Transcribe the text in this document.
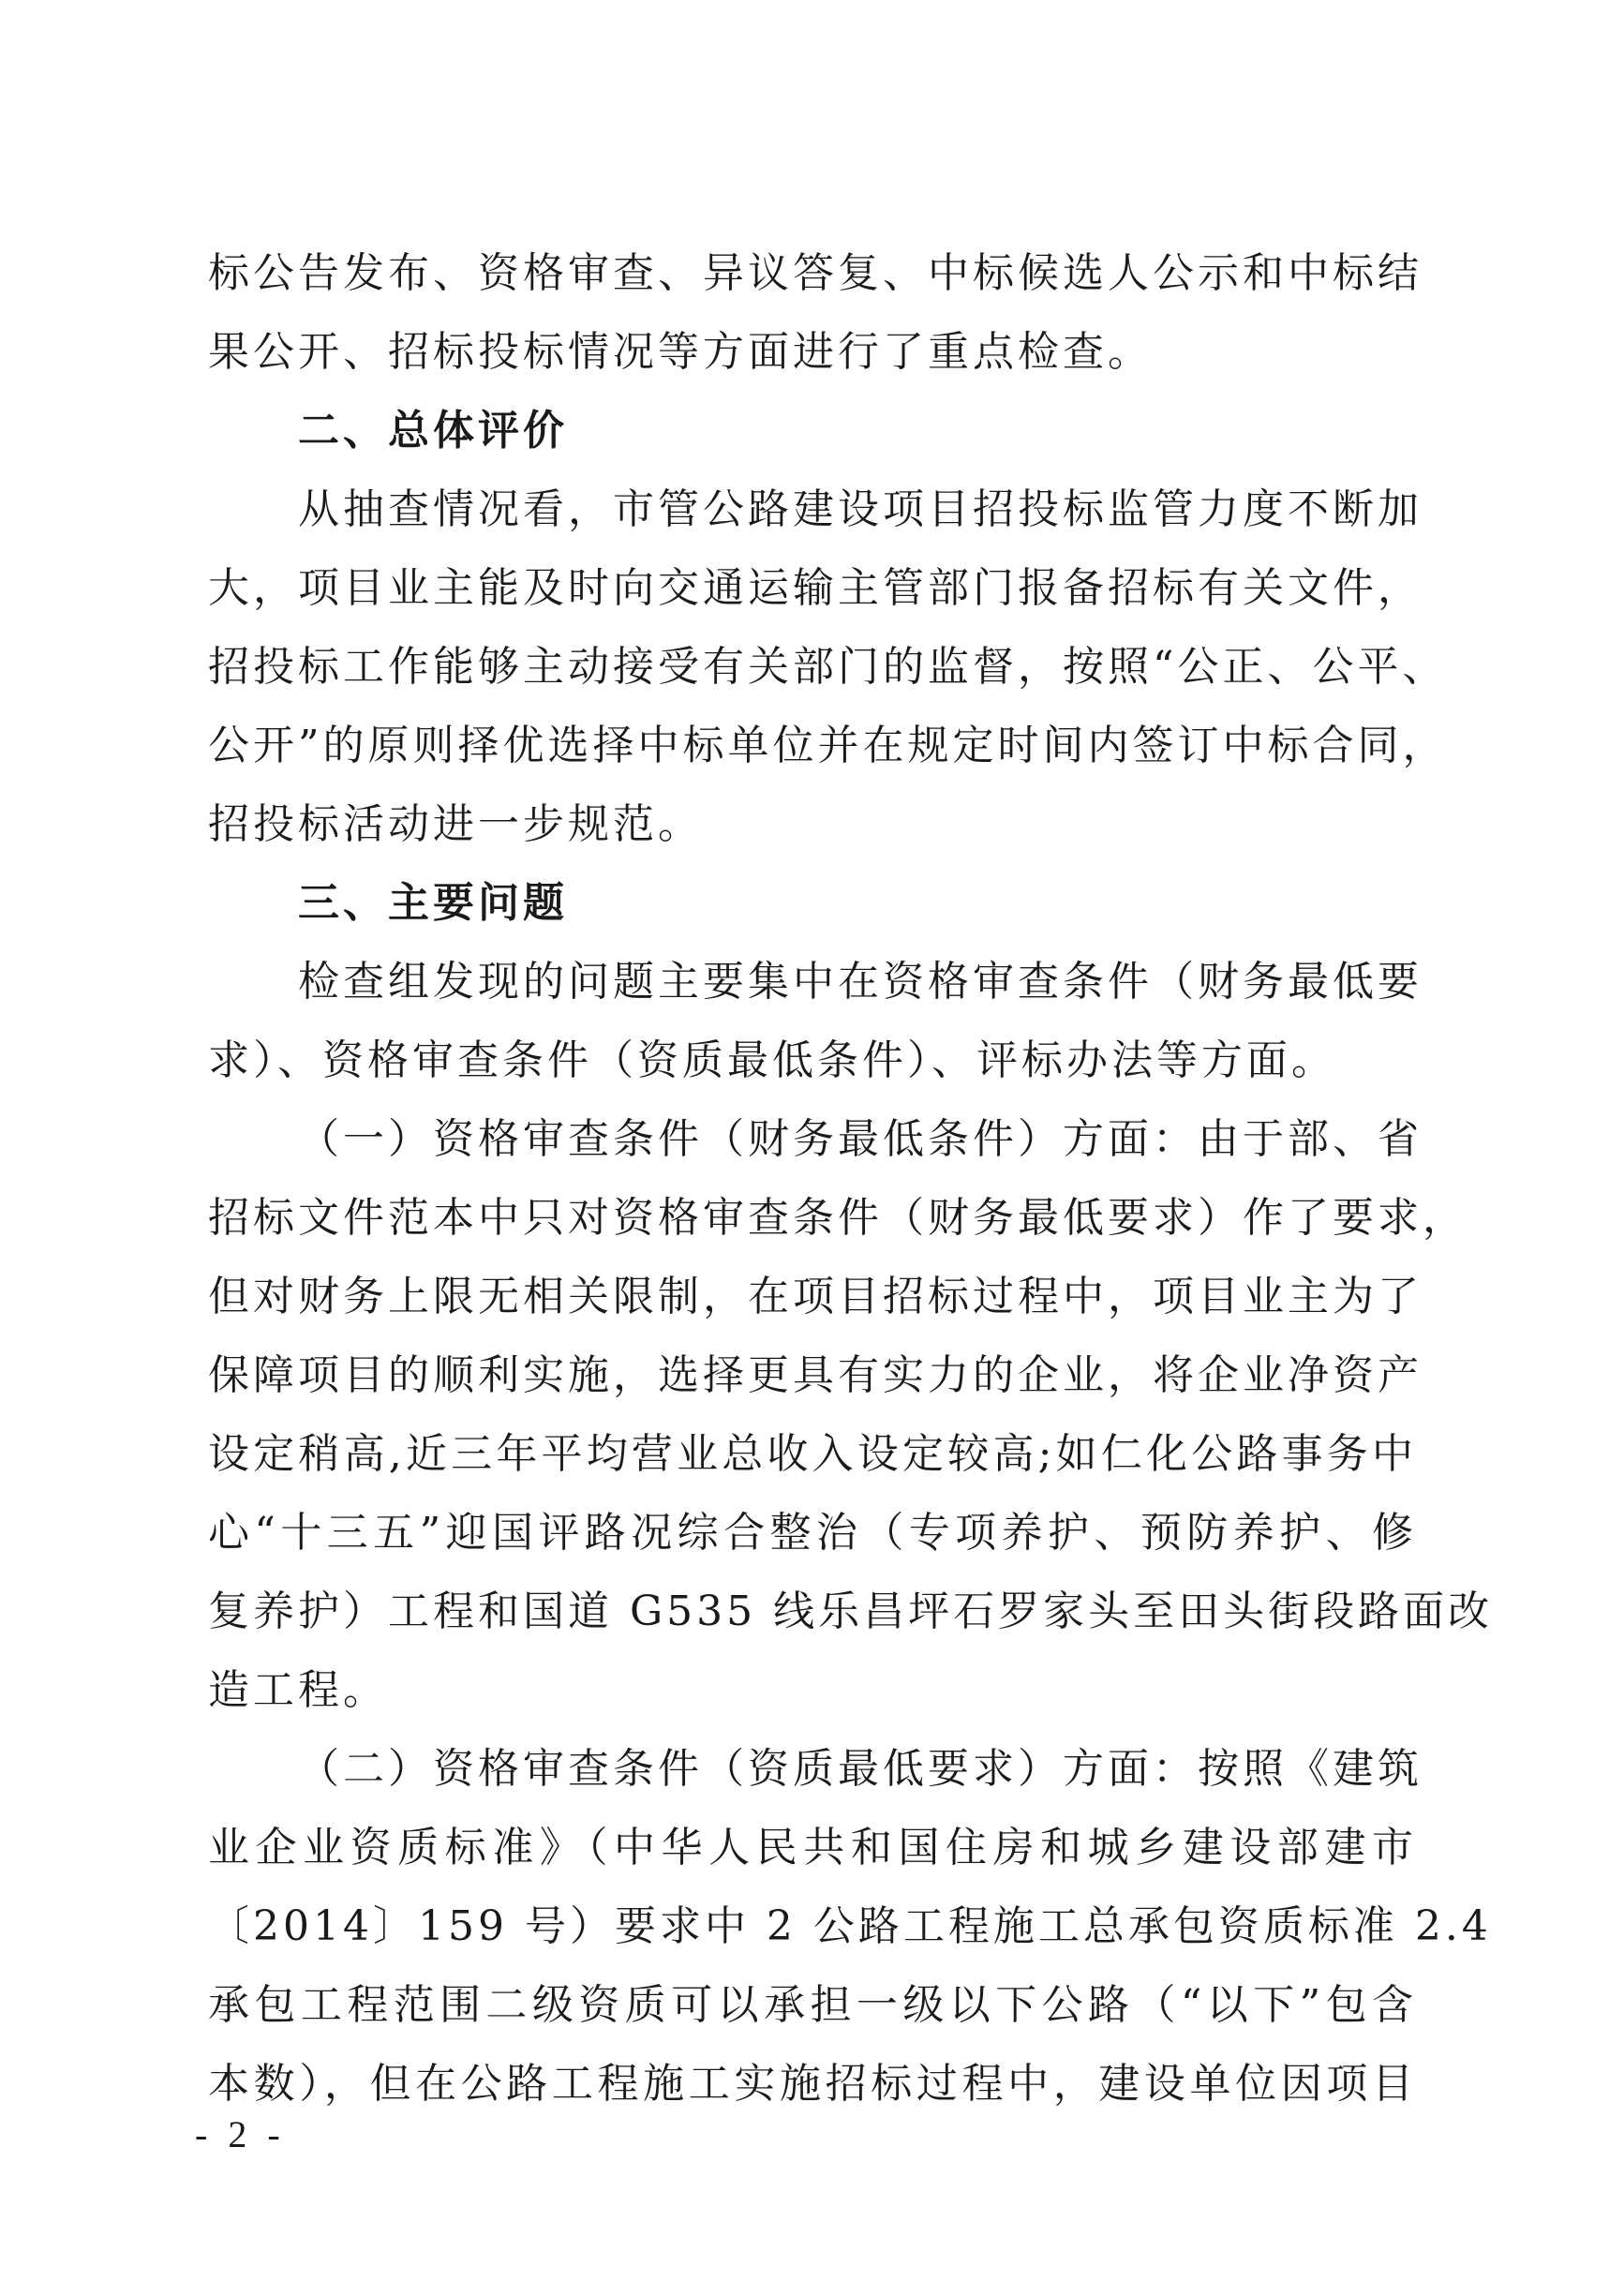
标公告发布、资格审查、异议答复、中标候选人公示和中标结
果公开、招标投标情况等方面进行了重点检查。
二、总体评价
从抽查情况看，市管公路建设项目招投标监管力度不断加
大，项目业主能及时向交通运输主管部门报备招标有关文件，
招投标工作能够主动接受有关部门的监督，按照“公正、公平、
公开”的原则择优选择中标单位并在规定时间内签订中标合同，
招投标活动进一步规范。
三、主要问题
检查组发现的问题主要集中在资格审查条件（财务最低要
求）、资格审查条件（资质最低条件）、评标办法等方面。
（一）资格审查条件（财务最低条件）方面：由于部、省
招标文件范本中只对资格审查条件（财务最低要求）作了要求，
但对财务上限无相关限制，在项目招标过程中，项目业主为了
保障项目的顺利实施，选择更具有实力的企业，将企业净资产
设定稍高,近三年平均营业总收入设定较高;如仁化公路事务中
心“十三五”迎国评路况综合整治（专项养护、预防养护、修
复养护）工程和国道 G535 线乐昌坪石罗家头至田头街段路面改
造工程。
（二）资格审查条件（资质最低要求）方面：按照《建筑
业企业资质标准》（中华人民共和国住房和城乡建设部建市
〔2014〕159 号）要求中 2 公路工程施工总承包资质标准 2.4
承包工程范围二级资质可以承担一级以下公路（“以下”包含
本数），但在公路工程施工实施招标过程中，建设单位因项目
- 2 -
